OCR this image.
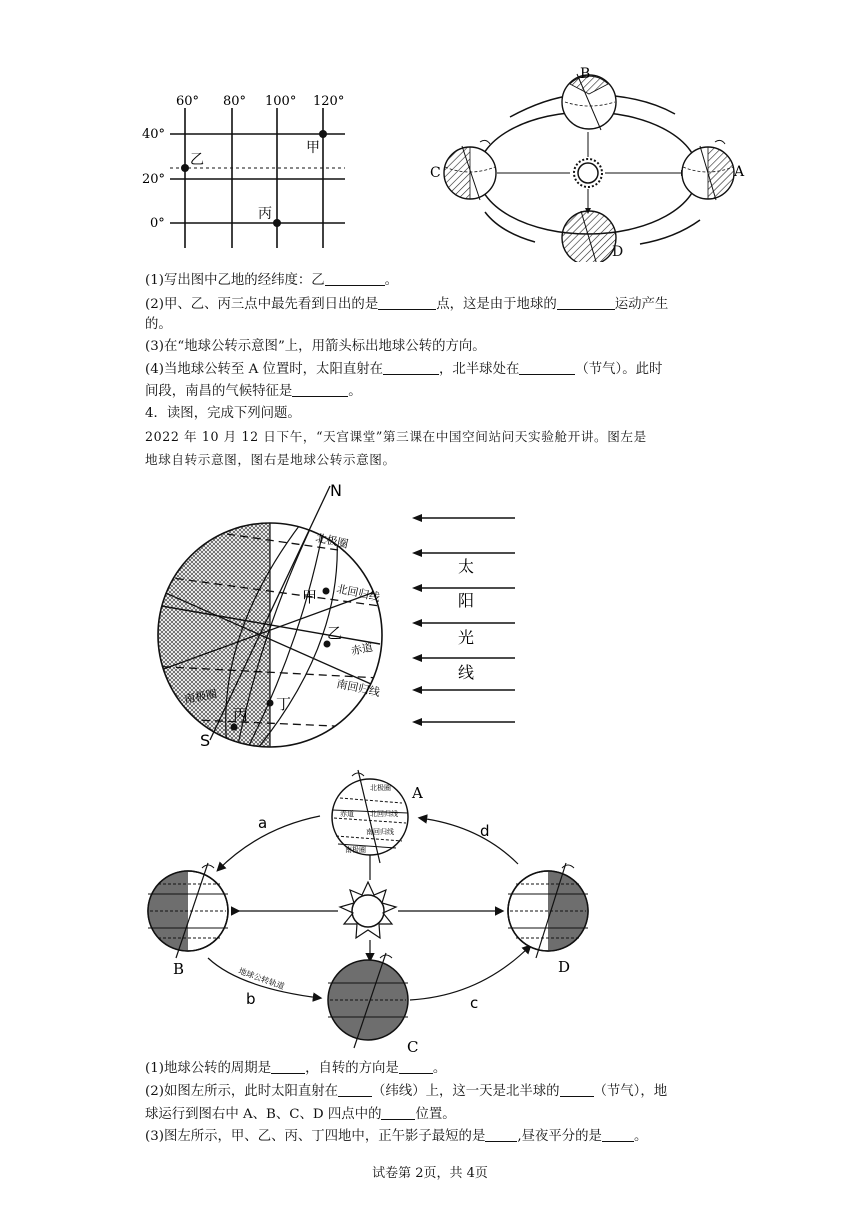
60° 80° 100° 120°
40°
20°
0°
甲
乙
丙
B
C	A
D
(1)写出图中乙地的经纬度：乙	。
(2)甲、乙、丙三点中最先看到日出的是	点，这是由于地球的	运动产生
的。
(3)在“地球公转示意图”上，用箭头标出地球公转的方向。
(4)当地球公转至 A 位置时，太阳直射在	，北半球处在	（节气）。此时
间段，南昌的气候特征是	。
4．读图，完成下列问题。
2022 年 10 月 12 日下午，“天宫课堂”第三课在中国空间站问天实验舱开讲。图左是
地球自转示意图，图右是地球公转示意图。
N
S
北极圈
北回归线
赤道
南回归线
南极圈
甲
乙
丙
丁
太
阳
光
线
北极圈
北回归线
赤道
南回归线
南极圈
A
B
C
D
a
b	c
d
地球公转轨道
(1)地球公转的周期是	，自转的方向是	。
(2)如图左所示，此时太阳直射在	（纬线）上，这一天是北半球的	（节气），地
球运行到图右中 A、B、C、D 四点中的	位置。
(3)图左所示，甲、乙、丙、丁四地中，正午影子最短的是 ,昼夜平分的是 。
试卷第 2页，共 4页
